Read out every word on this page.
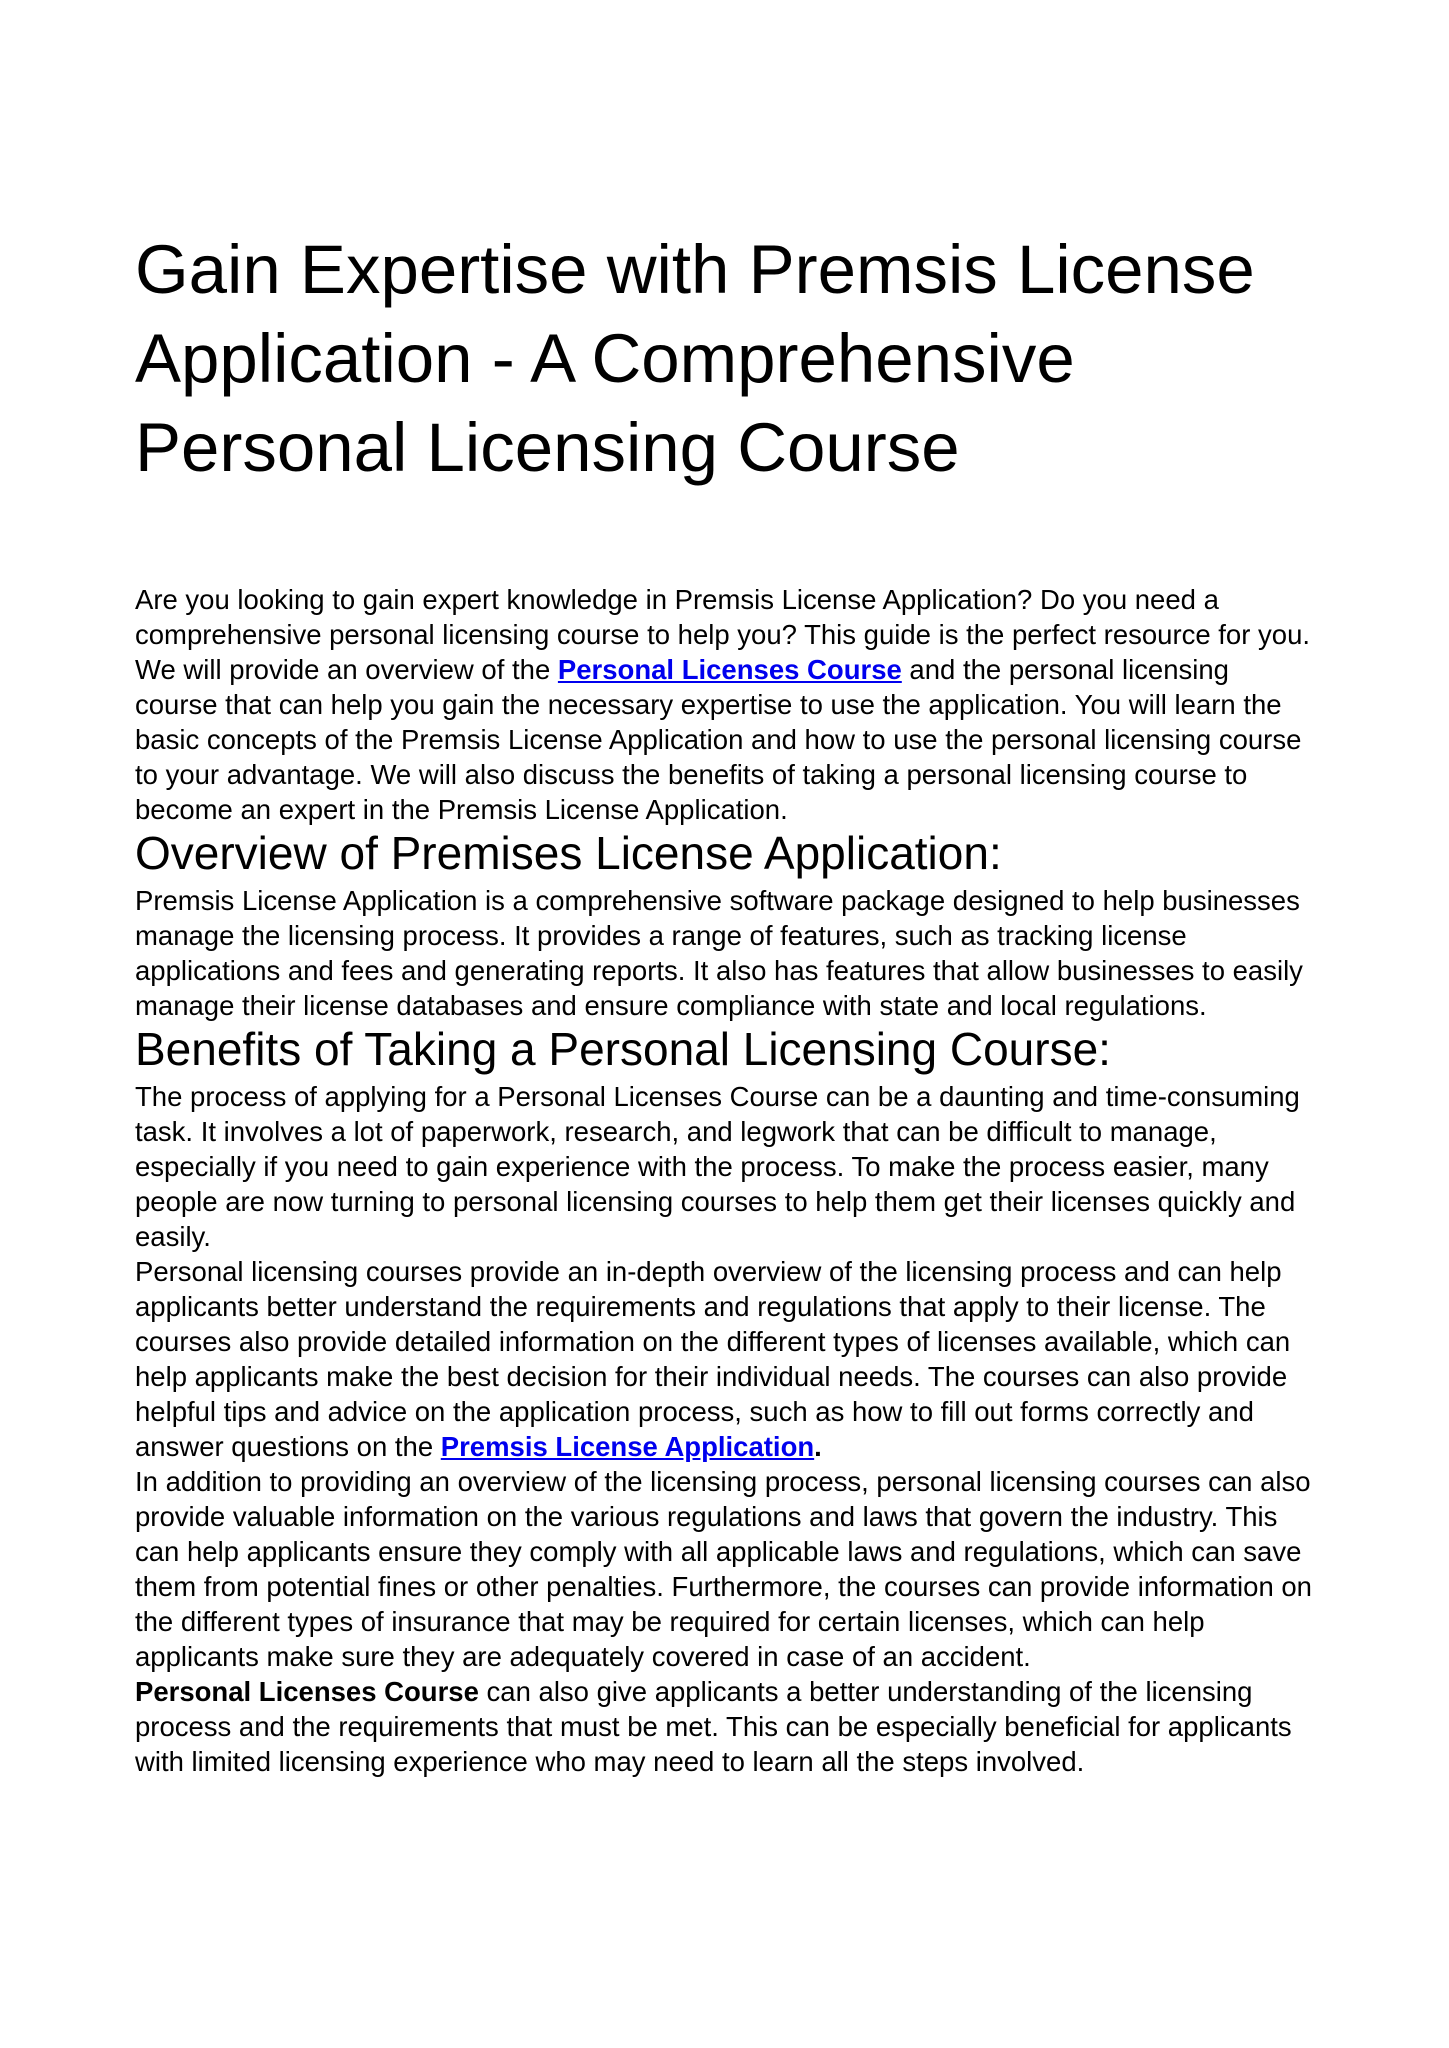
Gain Expertise with Premsis License Application - A Comprehensive Personal Licensing Course

Are you looking to gain expert knowledge in Premsis License Application? Do you need a comprehensive personal licensing course to help you? This guide is the perfect resource for you. We will provide an overview of the Personal Licenses Course and the personal licensing course that can help you gain the necessary expertise to use the application. You will learn the basic concepts of the Premsis License Application and how to use the personal licensing course to your advantage. We will also discuss the benefits of taking a personal licensing course to become an expert in the Premsis License Application.

Overview of Premises License Application:

Premsis License Application is a comprehensive software package designed to help businesses manage the licensing process. It provides a range of features, such as tracking license applications and fees and generating reports. It also has features that allow businesses to easily manage their license databases and ensure compliance with state and local regulations.

Benefits of Taking a Personal Licensing Course:

The process of applying for a Personal Licenses Course can be a daunting and time-consuming task. It involves a lot of paperwork, research, and legwork that can be difficult to manage, especially if you need to gain experience with the process. To make the process easier, many people are now turning to personal licensing courses to help them get their licenses quickly and easily.

Personal licensing courses provide an in-depth overview of the licensing process and can help applicants better understand the requirements and regulations that apply to their license. The courses also provide detailed information on the different types of licenses available, which can help applicants make the best decision for their individual needs. The courses can also provide helpful tips and advice on the application process, such as how to fill out forms correctly and answer questions on the Premsis License Application.

In addition to providing an overview of the licensing process, personal licensing courses can also provide valuable information on the various regulations and laws that govern the industry. This can help applicants ensure they comply with all applicable laws and regulations, which can save them from potential fines or other penalties. Furthermore, the courses can provide information on the different types of insurance that may be required for certain licenses, which can help applicants make sure they are adequately covered in case of an accident.

Personal Licenses Course can also give applicants a better understanding of the licensing process and the requirements that must be met. This can be especially beneficial for applicants with limited licensing experience who may need to learn all the steps involved.
